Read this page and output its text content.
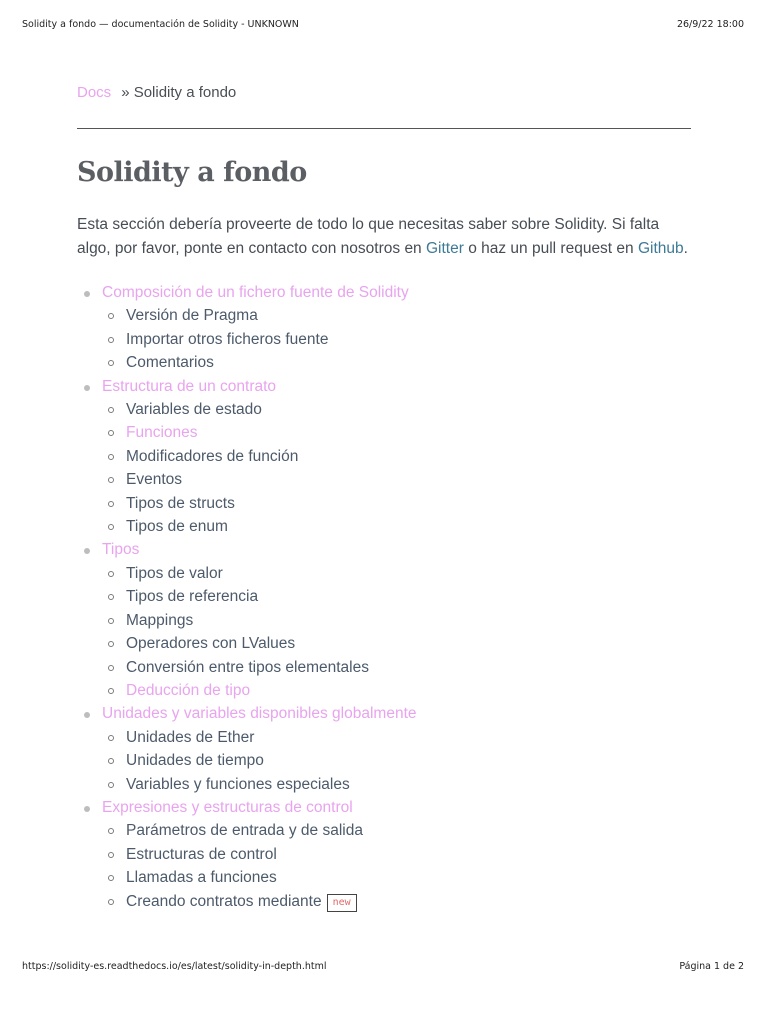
Solidity a fondo — documentación de Solidity - UNKNOWN	26/9/22 18:00
Docs » Solidity a fondo
Solidity a fondo

Esta sección debería proveerte de todo lo que necesitas saber sobre Solidity. Si falta algo, por favor, ponte en contacto con nosotros en Gitter o haz un pull request en Github.

Composición de un fichero fuente de Solidity
Versión de Pragma
Importar otros ficheros fuente
Comentarios
Estructura de un contrato
Variables de estado
Funciones
Modificadores de función
Eventos
Tipos de structs
Tipos de enum
Tipos
Tipos de valor
Tipos de referencia
Mappings
Operadores con LValues
Conversión entre tipos elementales
Deducción de tipo
Unidades y variables disponibles globalmente
Unidades de Ether
Unidades de tiempo
Variables y funciones especiales
Expresiones y estructuras de control
Parámetros de entrada y de salida
Estructuras de control
Llamadas a funciones
Creando contratos mediante new
https://solidity-es.readthedocs.io/es/latest/solidity-in-depth.html	Página 1 de 2
